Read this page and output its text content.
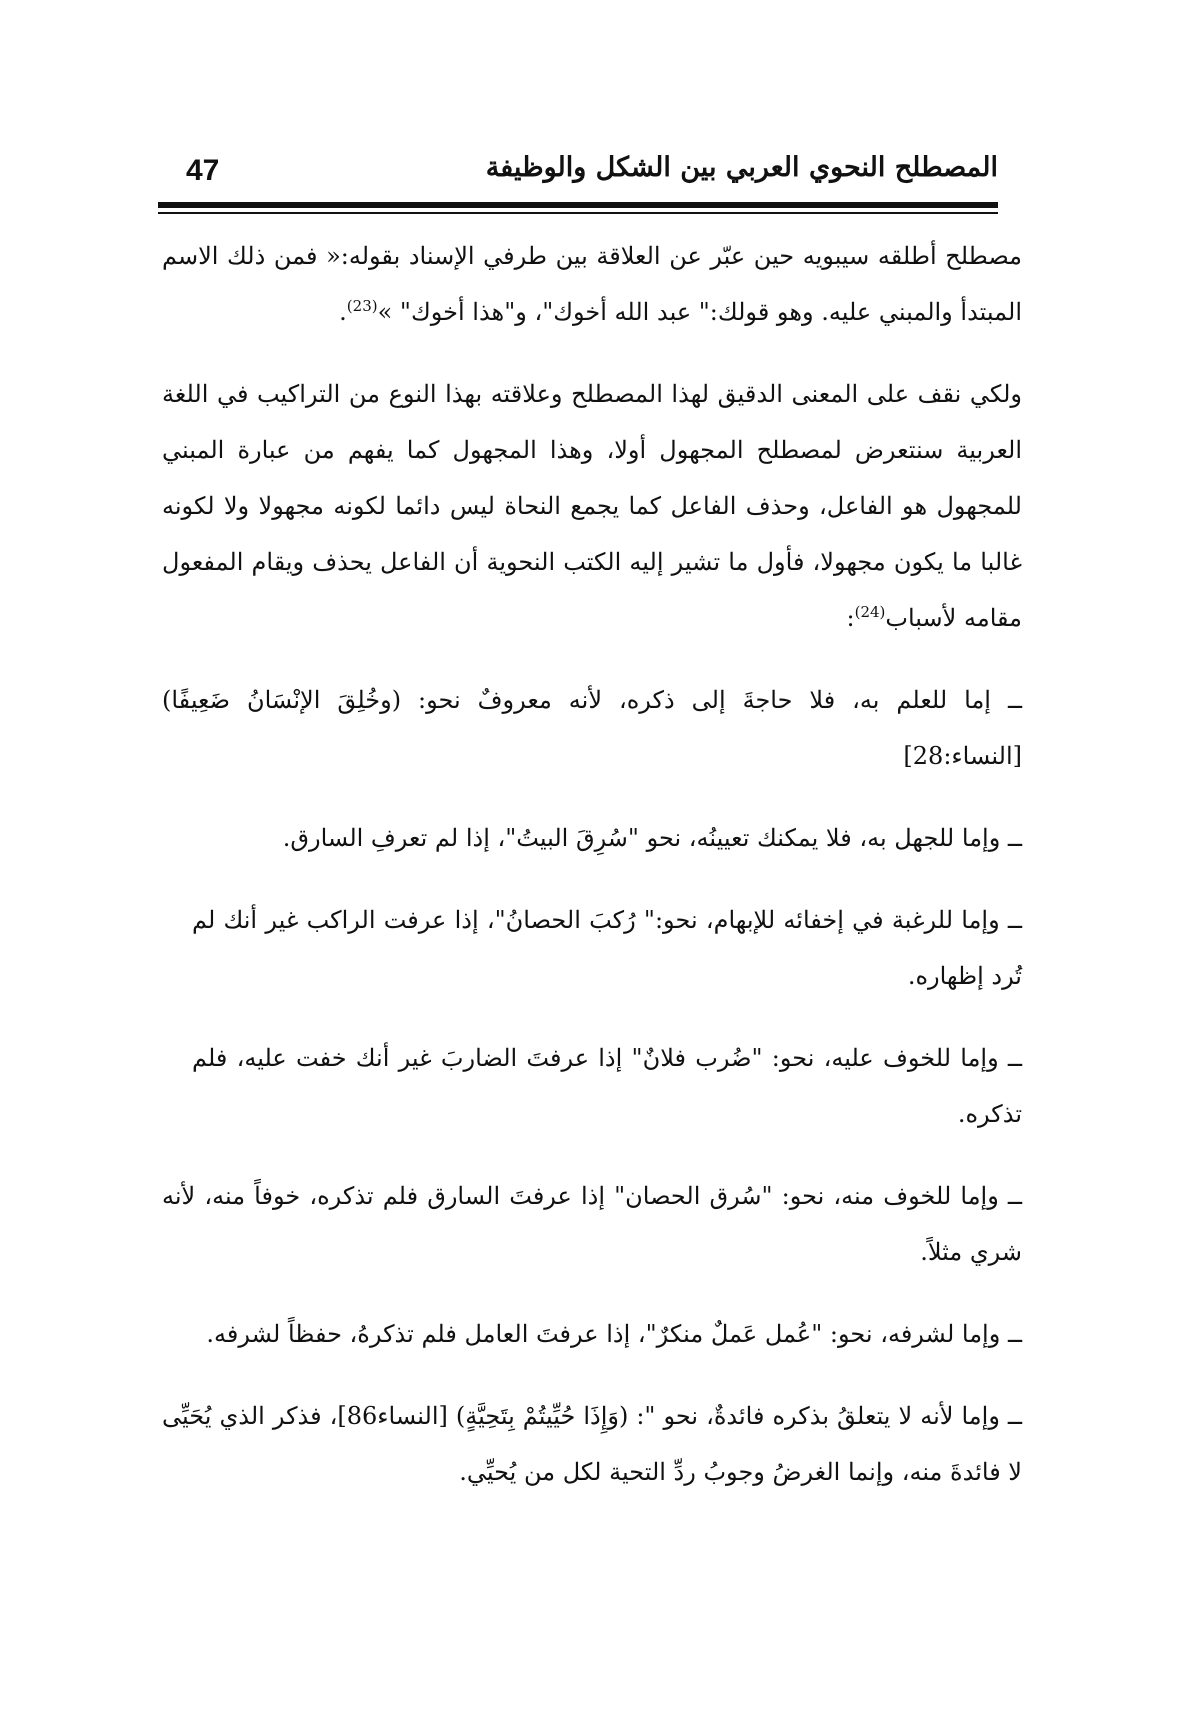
47	المصطلح النحوي العربي بين الشكل والوظيفة

مصطلح أطلقه سيبويه حين عبّر عن العلاقة بين طرفي الإسناد بقوله:« فمن ذلك الاسم المبتدأ والمبني عليه. وهو قولك:" عبد الله أخوك"، و"هذا أخوك" »$^{(23)}$.

ولكي نقف على المعنى الدقيق لهذا المصطلح وعلاقته بهذا النوع من التراكيب في اللغة العربية سنتعرض لمصطلح المجهول أولا، وهذا المجهول كما يفهم من عبارة المبني للمجهول هو الفاعل، وحذف الفاعل كما يجمع النحاة ليس دائما لكونه مجهولا ولا لكونه غالبا ما يكون مجهولا، فأول ما تشير إليه الكتب النحوية أن الفاعل يحذف ويقام المفعول مقامه لأسباب$^{(24)}$:

ــ إما للعلم به، فلا حاجةَ إلى ذكره، لأنه معروفٌ نحو: (وخُلِقَ الإنْسَانُ ضَعِيفًا) [النساء:28]

ــ وإما للجهل به، فلا يمكنك تعيينُه، نحو "سُرِقَ البيتُ"، إذا لم تعرفِ السارق.

ــ وإما للرغبة في إخفائه للإبهام، نحو:" رُكبَ الحصانُ"، إذا عرفت الراكب غير أنك لم تُرد إظهاره.

ــ وإما للخوف عليه، نحو: "ضُرب فلانٌ" إذا عرفتَ الضاربَ غير أنك خفت عليه، فلم تذكره.

ــ وإما للخوف منه، نحو: "سُرق الحصان" إذا عرفتَ السارق فلم تذكره، خوفاً منه، لأنه شري مثلاً.

ــ وإما لشرفه، نحو: "عُمل عَملٌ منكرٌ"، إذا عرفتَ العامل فلم تذكرهُ، حفظاً لشرفه.

ــ وإما لأنه لا يتعلقُ بذكره فائدةٌ، نحو ": (وَإِذَا حُيِّيتُمْ بِتَحِيَّةٍ) [النساء86]، فذكر الذي يُحَيِّى لا فائدةَ منه، وإنما الغرضُ وجوبُ ردِّ التحية لكل من يُحيِّي.
